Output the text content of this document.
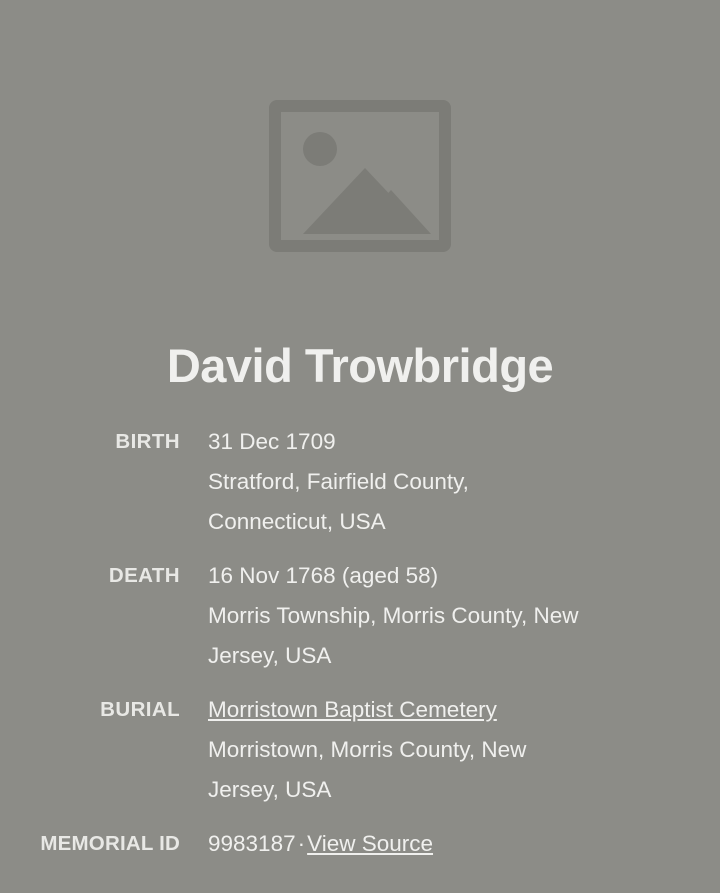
David Trowbridge
BIRTH	31 Dec 1709
Stratford, Fairfield County,
Connecticut, USA
DEATH	16 Nov 1768 (aged 58)
Morris Township, Morris County, New
Jersey, USA
BURIAL	Morristown Baptist Cemetery
Morristown, Morris County, New
Jersey, USA
MEMORIAL ID	9983187·View Source
